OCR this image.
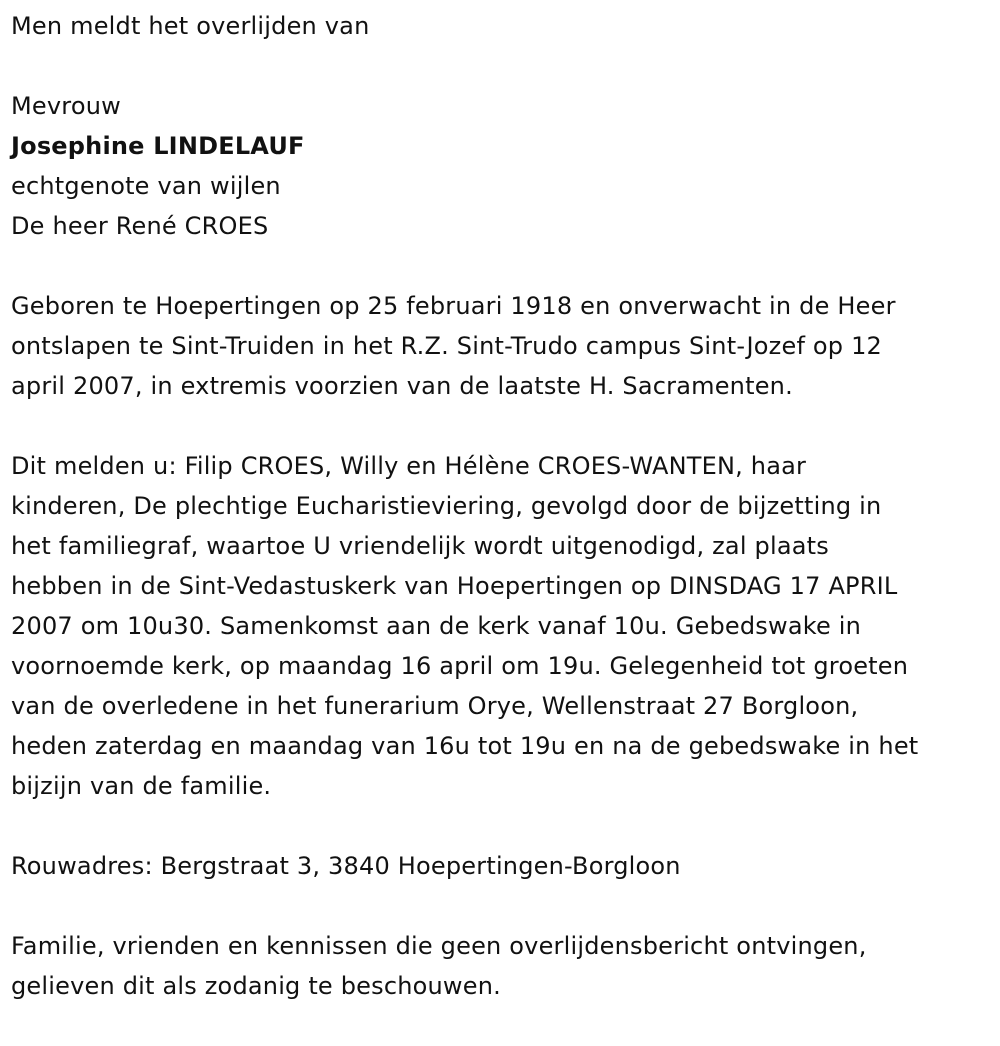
Men meldt het overlijden van
Mevrouw
Josephine LINDELAUF
echtgenote van wijlen
De heer René CROES
Geboren te Hoepertingen op 25 februari 1918 en onverwacht in de Heer
ontslapen te Sint-Truiden in het R.Z. Sint-Trudo campus Sint-Jozef op 12
april 2007, in extremis voorzien van de laatste H. Sacramenten.
Dit melden u: Filip CROES, Willy en Hélène CROES-WANTEN, haar
kinderen, De plechtige Eucharistieviering, gevolgd door de bijzetting in
het familiegraf, waartoe U vriendelijk wordt uitgenodigd, zal plaats
hebben in de Sint-Vedastuskerk van Hoepertingen op DINSDAG 17 APRIL
2007 om 10u30. Samenkomst aan de kerk vanaf 10u. Gebedswake in
voornoemde kerk, op maandag 16 april om 19u. Gelegenheid tot groeten
van de overledene in het funerarium Orye, Wellenstraat 27 Borgloon,
heden zaterdag en maandag van 16u tot 19u en na de gebedswake in het
bijzijn van de familie.
Rouwadres: Bergstraat 3, 3840 Hoepertingen-Borgloon
Familie, vrienden en kennissen die geen overlijdensbericht ontvingen,
gelieven dit als zodanig te beschouwen.
